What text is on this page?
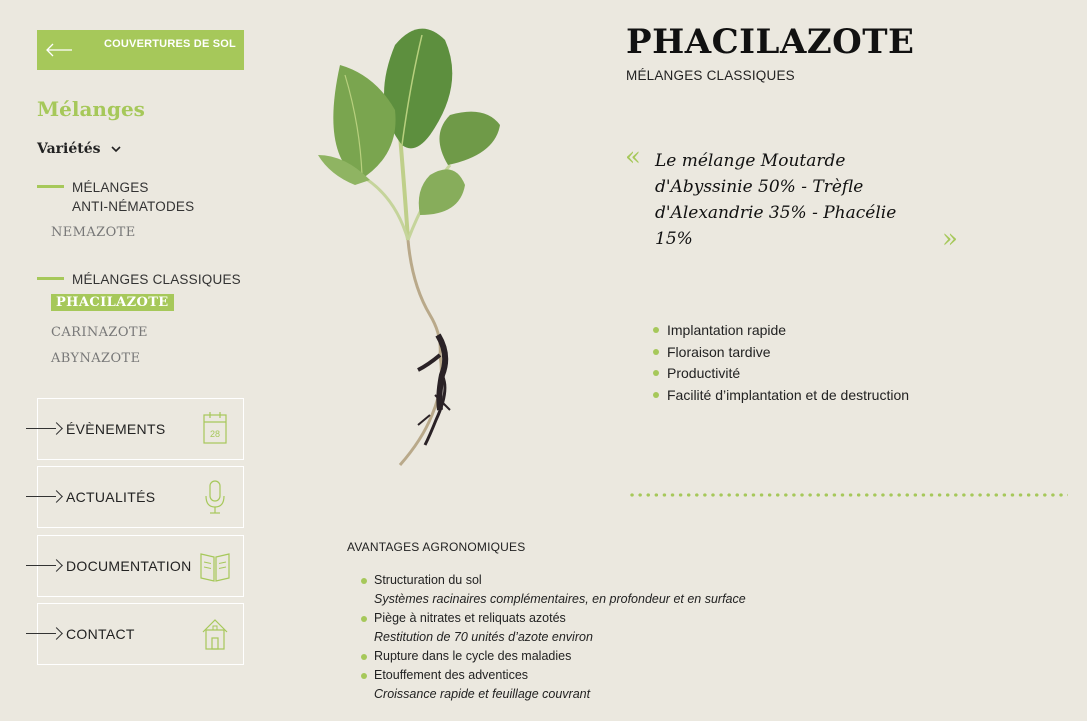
COUVERTURES DE SOL
Mélanges
Variétés
MÉLANGES
ANTI-NÉMATODES
NEMAZOTE
MÉLANGES CLASSIQUES
PHACILAZOTE
CARINAZOTE
ABYNAZOTE
ÉVÈNEMENTS	28
ACTUALITÉS
DOCUMENTATION
CONTACT
PHACILAZOTE
MÉLANGES CLASSIQUES
« Le mélange Moutarde d'Abyssinie 50% - Trèfle d'Alexandrie 35% - Phacélie 15%	»
Implantation rapide
Floraison tardive
Productivité
Facilité d’implantation et de destruction
AVANTAGES AGRONOMIQUES
Structuration du sol
Systèmes racinaires complémentaires, en profondeur et en surface
Piège à nitrates et reliquats azotés
Restitution de 70 unités d’azote environ
Rupture dans le cycle des maladies
Etouffement des adventices
Croissance rapide et feuillage couvrant
